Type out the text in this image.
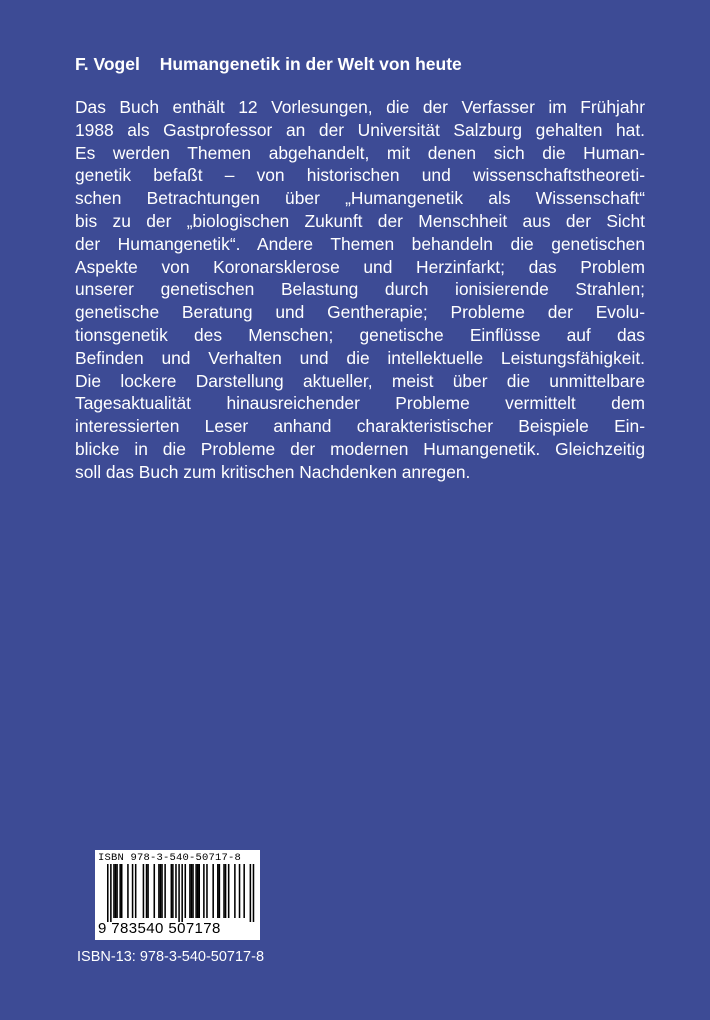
F. Vogel Humangenetik in der Welt von heute

Das Buch enthält 12 Vorlesungen, die der Verfasser im Frühjahr
1988 als Gastprofessor an der Universität Salzburg gehalten hat.
Es werden Themen abgehandelt, mit denen sich die Human-
genetik befaßt – von historischen und wissenschaftstheoreti-
schen Betrachtungen über „Humangenetik als Wissenschaft“
bis zu der „biologischen Zukunft der Menschheit aus der Sicht
der Humangenetik“. Andere Themen behandeln die genetischen
Aspekte von Koronarsklerose und Herzinfarkt; das Problem
unserer genetischen Belastung durch ionisierende Strahlen;
genetische Beratung und Gentherapie; Probleme der Evolu-
tionsgenetik des Menschen; genetische Einflüsse auf das
Befinden und Verhalten und die intellektuelle Leistungsfähigkeit.
Die lockere Darstellung aktueller, meist über die unmittelbare
Tagesaktualität hinausreichender Probleme vermittelt dem
interessierten Leser anhand charakteristischer Beispiele Ein-
blicke in die Probleme der modernen Humangenetik. Gleichzeitig
soll das Buch zum kritischen Nachdenken anregen.

ISBN 978-3-540-50717-8
9 783540 507178
ISBN-13: 978-3-540-50717-8
